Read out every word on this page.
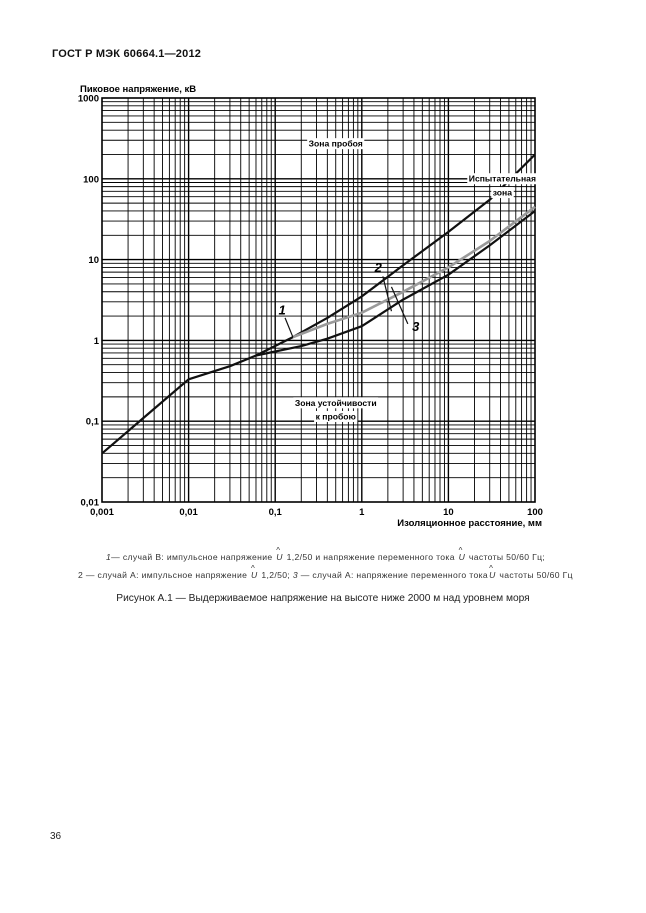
ГОСТ Р МЭК 60664.1—2012
0,001	0,01	0,1	1	10	100
1000
100
10
1
0,1
0,01
1
2
3
Зона пробоя
Испытательная
зона
Зона устойчивости
к пробою
Пиковое напряжение, кВ
Изоляционное расстояние, мм
1— случай B: импульсное напряжение ^ U 1,2/50 и напряжение переменного тока ^ U частоты 50/60 Гц;
2 — случай A: импульсное напряжение ^ U 1,2/50; 3 — случай A: напряжение переменного тока^ U частоты 50/60 Гц
Рисунок А.1 — Выдерживаемое напряжение на высоте ниже 2000 м над уровнем моря
36
